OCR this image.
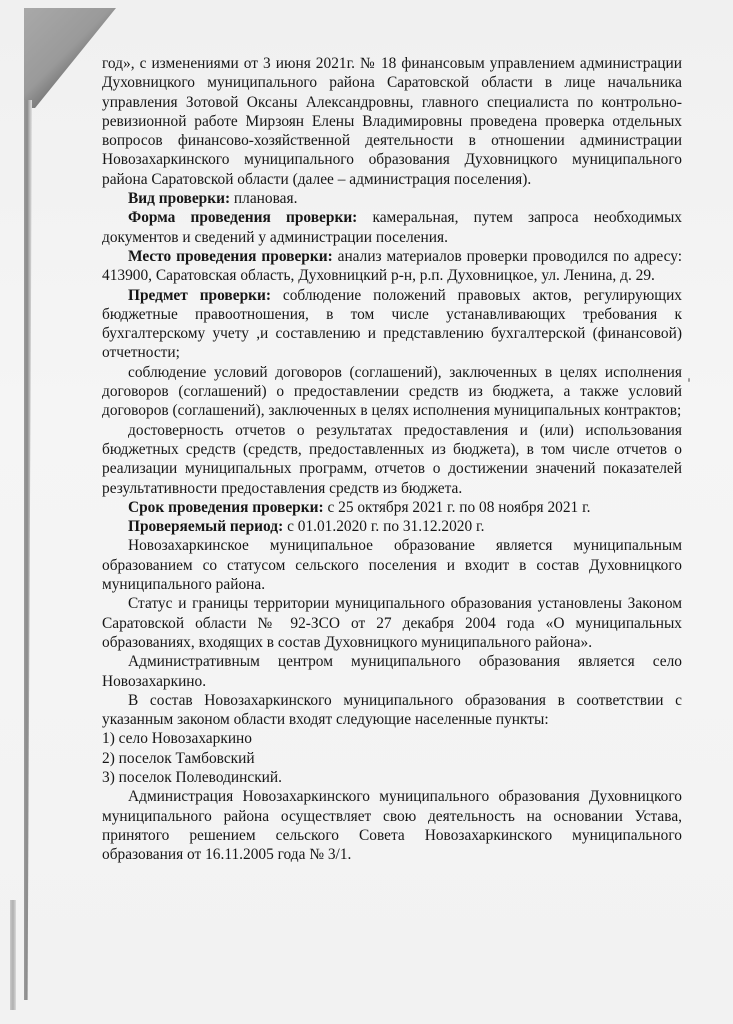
год», с изменениями от 3 июня 2021г. № 18 финансовым управлением администрации Духовницкого муниципального района Саратовской области в лице начальника управления Зотовой Оксаны Александровны, главного специалиста по контрольно-ревизионной работе Мирзоян Елены Владимировны проведена проверка отдельных вопросов финансово-хозяйственной деятельности в отношении администрации Новозахаркинского муниципального образования Духовницкого муниципального района Саратовской области (далее – администрация поселения).

Вид проверки: плановая.

Форма проведения проверки: камеральная, путем запроса необходимых документов и сведений у администрации поселения.

Место проведения проверки: анализ материалов проверки проводился по адресу: 413900, Саратовская область, Духовницкий р-н, р.п. Духовницкое, ул. Ленина, д. 29.

Предмет проверки: соблюдение положений правовых актов, регулирующих бюджетные правоотношения, в том числе устанавливающих требования к бухгалтерскому учету ,и составлению и представлению бухгалтерской (финансовой) отчетности;

соблюдение условий договоров (соглашений), заключенных в целях исполнения договоров (соглашений) о предоставлении средств из бюджета, а также условий договоров (соглашений), заключенных в целях исполнения муниципальных контрактов;

достоверность отчетов о результатах предоставления и (или) использования бюджетных средств (средств, предоставленных из бюджета), в том числе отчетов о реализации муниципальных программ, отчетов о достижении значений показателей результативности предоставления средств из бюджета.

Срок проведения проверки: с 25 октября 2021 г. по 08 ноября 2021 г.

Проверяемый период: с 01.01.2020 г. по 31.12.2020 г.

Новозахаркинское муниципальное образование является муниципальным образованием со статусом сельского поселения и входит в состав Духовницкого муниципального района.

Статус и границы территории муниципального образования установлены Законом Саратовской области № 92-ЗСО от 27 декабря 2004 года «О муниципальных образованиях, входящих в состав Духовницкого муниципального района».

Административным центром муниципального образования является село Новозахаркино.

В состав Новозахаркинского муниципального образования в соответствии с указанным законом области входят следующие населенные пункты:

1) село Новозахаркино

2) поселок Тамбовский

3) поселок Полеводинский.

Администрация Новозахаркинского муниципального образования Духовницкого муниципального района осуществляет свою деятельность на основании Устава, принятого решением сельского Совета Новозахаркинского муниципального образования от 16.11.2005 года № 3/1.
